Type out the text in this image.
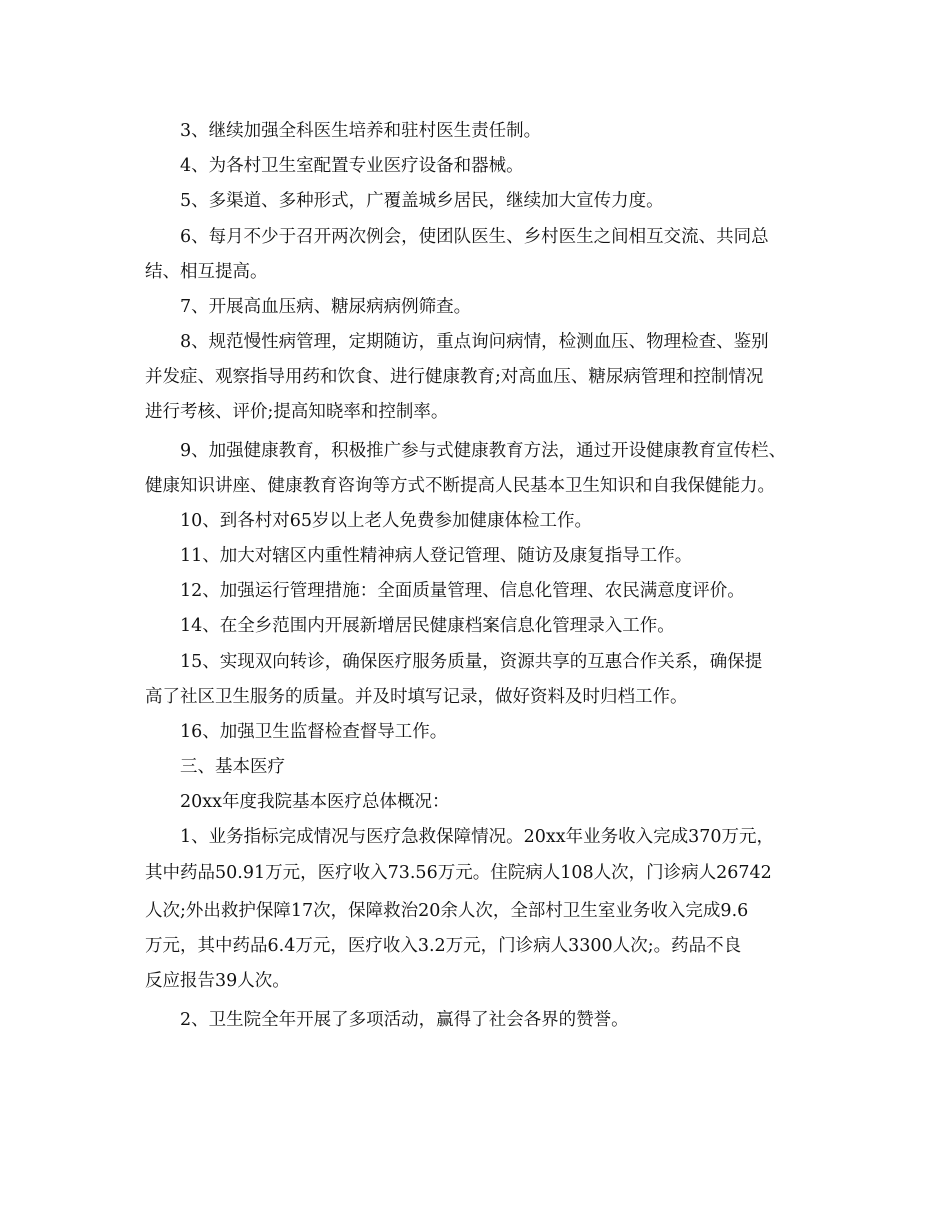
3、继续加强全科医生培养和驻村医生责任制。
4、为各村卫生室配置专业医疗设备和器械。
5、多渠道、多种形式，广覆盖城乡居民，继续加大宣传力度。
6、每月不少于召开两次例会，使团队医生、乡村医生之间相互交流、共同总
结、相互提高。
7、开展高血压病、糖尿病病例筛查。
8、规范慢性病管理，定期随访，重点询问病情，检测血压、物理检查、鉴别
并发症、观察指导用药和饮食、进行健康教育;对高血压、糖尿病管理和控制情况
进行考核、评价;提高知晓率和控制率。
9、加强健康教育，积极推广参与式健康教育方法，通过开设健康教育宣传栏、
健康知识讲座、健康教育咨询等方式不断提高人民基本卫生知识和自我保健能力。
10、到各村对65岁以上老人免费参加健康体检工作。
11、加大对辖区内重性精神病人登记管理、随访及康复指导工作。
12、加强运行管理措施：全面质量管理、信息化管理、农民满意度评价。
14、在全乡范围内开展新增居民健康档案信息化管理录入工作。
15、实现双向转诊，确保医疗服务质量，资源共享的互惠合作关系，确保提
高了社区卫生服务的质量。并及时填写记录，做好资料及时归档工作。
16、加强卫生监督检查督导工作。
三、基本医疗
20xx年度我院基本医疗总体概况：
1、业务指标完成情况与医疗急救保障情况。20xx年业务收入完成370万元，
其中药品50.91万元，医疗收入73.56万元。住院病人108人次，门诊病人26742
人次;外出救护保障17次，保障救治20余人次，全部村卫生室业务收入完成9.6
万元，其中药品6.4万元，医疗收入3.2万元，门诊病人3300人次;。药品不良
反应报告39人次。
2、卫生院全年开展了多项活动，赢得了社会各界的赞誉。
